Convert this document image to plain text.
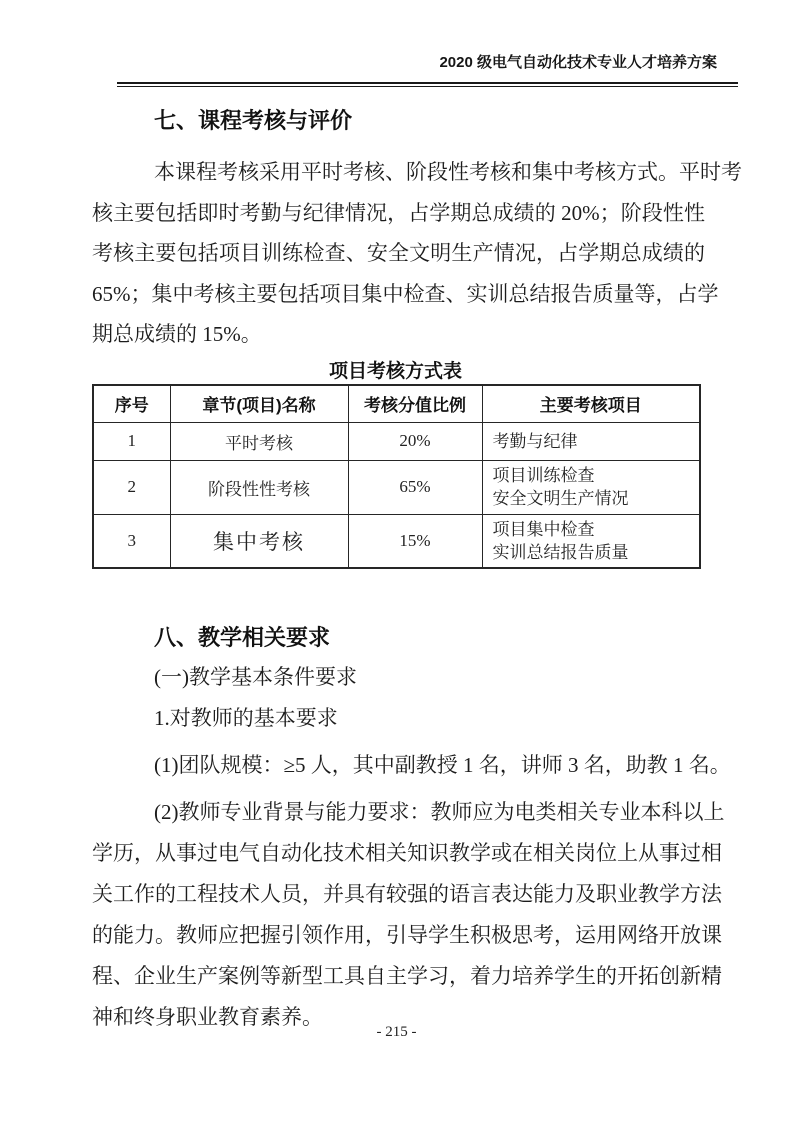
2020 级电气自动化技术专业人才培养方案
七、课程考核与评价
本课程考核采用平时考核、阶段性考核和集中考核方式。平时考
核主要包括即时考勤与纪律情况，占学期总成绩的 20%；阶段性性
考核主要包括项目训练检查、安全文明生产情况，占学期总成绩的
65%；集中考核主要包括项目集中检查、实训总结报告质量等，占学
期总成绩的 15%。
项目考核方式表
序号	章节(项目)名称	考核分值比例	主要考核项目
1	平时考核	20%	考勤与纪律

2	阶段性性考核	65%	项目训练检查
安全文明生产情况

3	集中考核	15%	项目集中检查
实训总结报告质量
八、教学相关要求
(一)教学基本条件要求
1.对教师的基本要求
(1)团队规模：≥5 人，其中副教授 1 名，讲师 3 名，助教 1 名。
(2)教师专业背景与能力要求：教师应为电类相关专业本科以上
学历，从事过电气自动化技术相关知识教学或在相关岗位上从事过相
关工作的工程技术人员，并具有较强的语言表达能力及职业教学方法
的能力。教师应把握引领作用，引导学生积极思考，运用网络开放课
程、企业生产案例等新型工具自主学习，着力培养学生的开拓创新精
神和终身职业教育素养。
- 215 -
